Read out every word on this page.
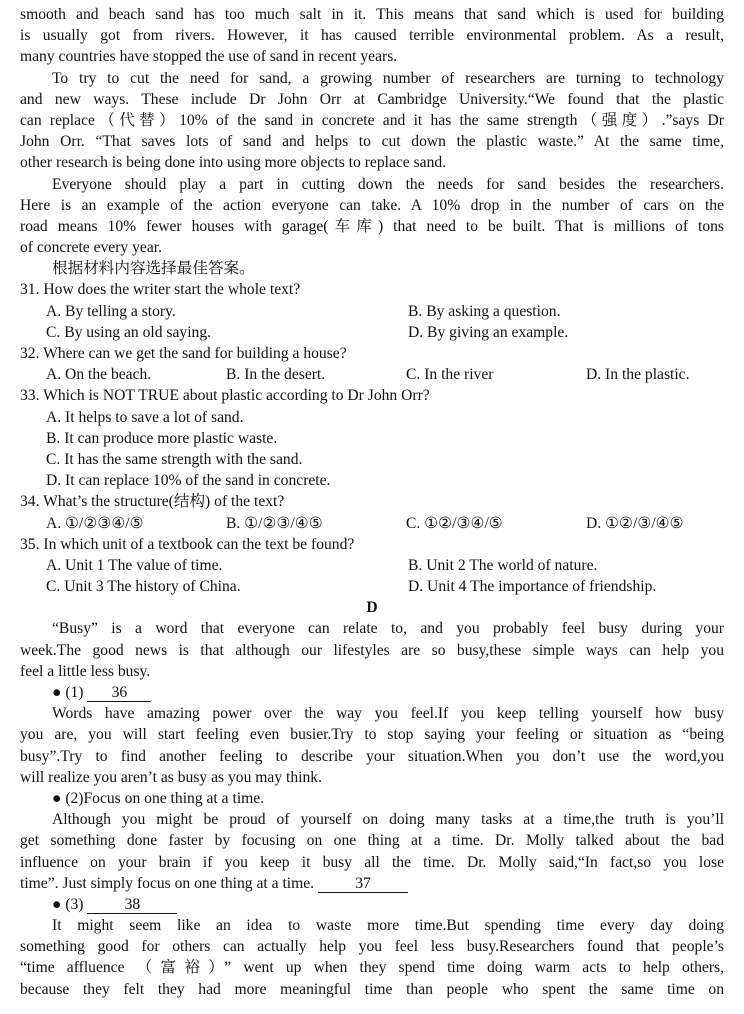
smooth and beach sand has too much salt in it. This means that sand which is used for building
is usually got from rivers. However, it has caused terrible environmental problem. As a result,
many countries have stopped the use of sand in recent years.
To try to cut the need for sand, a growing number of researchers are turning to technology
and new ways. These include Dr John Orr at Cambridge University.“We found that the plastic
can replace（代替）10% of the sand in concrete and it has the same strength（强度）.”says Dr
John Orr. “That saves lots of sand and helps to cut down the plastic waste.” At the same time,
other research is being done into using more objects to replace sand.
Everyone should play a part in cutting down the needs for sand besides the researchers.
Here is an example of the action everyone can take. A 10% drop in the number of cars on the
road means 10% fewer houses with garage(车库) that need to be built. That is millions of tons
of concrete every year.
根据材料内容选择最佳答案。
31. How does the writer start the whole text?
A. By telling a story.	B. By asking a question.
C. By using an old saying.	D. By giving an example.
32. Where can we get the sand for building a house?
A. On the beach.	B. In the desert.	C. In the river	D. In the plastic.
33. Which is NOT TRUE about plastic according to Dr John Orr?
A. It helps to save a lot of sand.
B. It can produce more plastic waste.
C. It has the same strength with the sand.
D. It can replace 10% of the sand in concrete.
34. What’s the structure(结构) of the text?
A. ①/②③④/⑤	B. ①/②③/④⑤	C. ①②/③④/⑤	D. ①②/③/④⑤
35. In which unit of a textbook can the text be found?
A. Unit 1 The value of time.	B. Unit 2 The world of nature.
C. Unit 3 The history of China.	D. Unit 4 The importance of friendship.
D
“Busy” is a word that everyone can relate to, and you probably feel busy during your
week.The good news is that although our lifestyles are so busy,these simple ways can help you
feel a little less busy.
● (1) 36
Words have amazing power over the way you feel.If you keep telling yourself how busy
you are, you will start feeling even busier.Try to stop saying your feeling or situation as “being
busy”.Try to find another feeling to describe your situation.When you don’t use the word,you
will realize you aren’t as busy as you may think.
● (2)Focus on one thing at a time.
Although you might be proud of yourself on doing many tasks at a time,the truth is you’ll
get something done faster by focusing on one thing at a time. Dr. Molly talked about the bad
influence on your brain if you keep it busy all the time. Dr. Molly said,“In fact,so you lose
time”. Just simply focus on one thing at a time.	37
● (3)	38
It might seem like an idea to waste more time.But spending time every day doing
something good for others can actually help you feel less busy.Researchers found that people’s
“time affluence （富裕）” went up when they spend time doing warm acts to help others,
because they felt they had more meaningful time than people who spent the same time on
